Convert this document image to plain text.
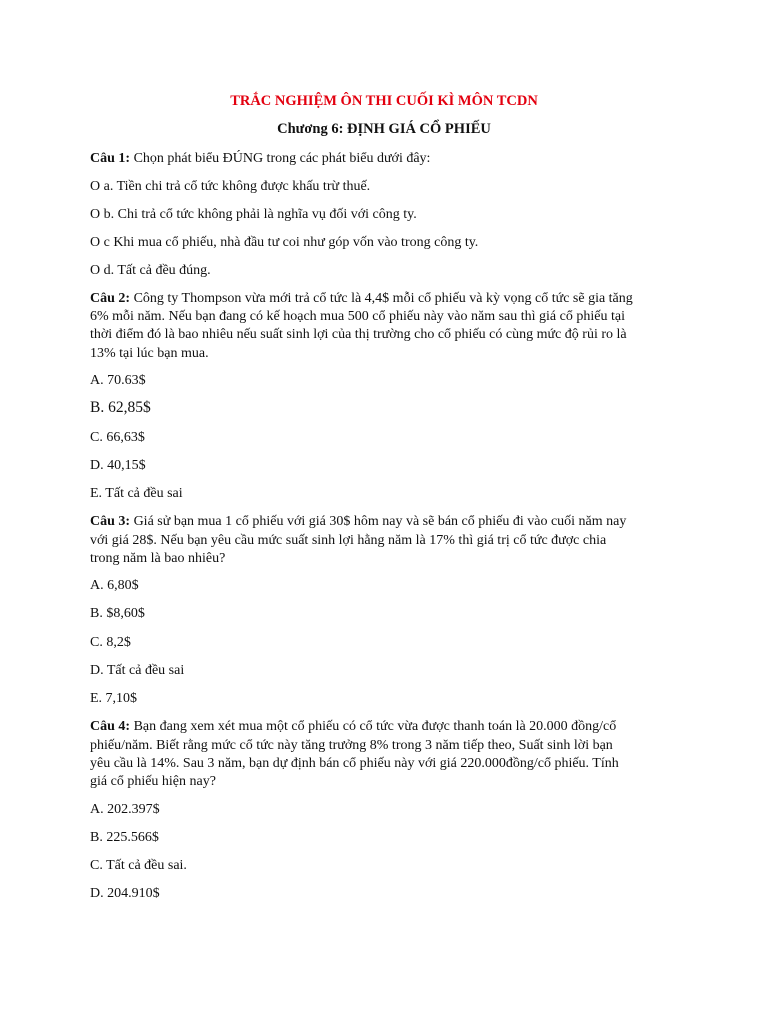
TRẮC NGHIỆM ÔN THI CUỐI KÌ MÔN TCDN
Chương 6: ĐỊNH GIÁ CỔ PHIẾU
Câu 1: Chọn phát biểu ĐÚNG trong các phát biểu dưới đây:
O a. Tiền chi trả cổ tức không được khấu trừ thuế.
O b. Chi trả cổ tức không phải là nghĩa vụ đối với công ty.
O c Khi mua cổ phiếu, nhà đầu tư coi như góp vốn vào trong công ty.
O d. Tất cả đều đúng.
Câu 2: Công ty Thompson vừa mới trả cổ tức là 4,4$ mỗi cổ phiếu và kỳ vọng cổ tức sẽ gia tăng
6% mỗi năm. Nếu bạn đang có kế hoạch mua 500 cổ phiếu này vào năm sau thì giá cổ phiếu tại
thời điểm đó là bao nhiêu nếu suất sinh lợi của thị trường cho cổ phiếu có cùng mức độ rủi ro là
13% tại lúc bạn mua.
A. 70.63$
B. 62,85$
C. 66,63$
D. 40,15$
E. Tất cả đều sai
Câu 3: Giá sử bạn mua 1 cổ phiếu với giá 30$ hôm nay và sẽ bán cổ phiếu đi vào cuối năm nay
với giá 28$. Nếu bạn yêu cầu mức suất sinh lợi hằng năm là 17% thì giá trị cổ tức được chia
trong năm là bao nhiêu?
A. 6,80$
B. $8,60$
C. 8,2$
D. Tất cả đều sai
E. 7,10$
Câu 4: Bạn đang xem xét mua một cổ phiếu có cổ tức vừa được thanh toán là 20.000 đồng/cổ
phiếu/năm. Biết rằng mức cổ tức này tăng trưởng 8% trong 3 năm tiếp theo, Suất sinh lời bạn
yêu cầu là 14%. Sau 3 năm, bạn dự định bán cổ phiếu này với giá 220.000đồng/cổ phiếu. Tính
giá cổ phiếu hiện nay?
A. 202.397$
B. 225.566$
C. Tất cả đều sai.
D. 204.910$
